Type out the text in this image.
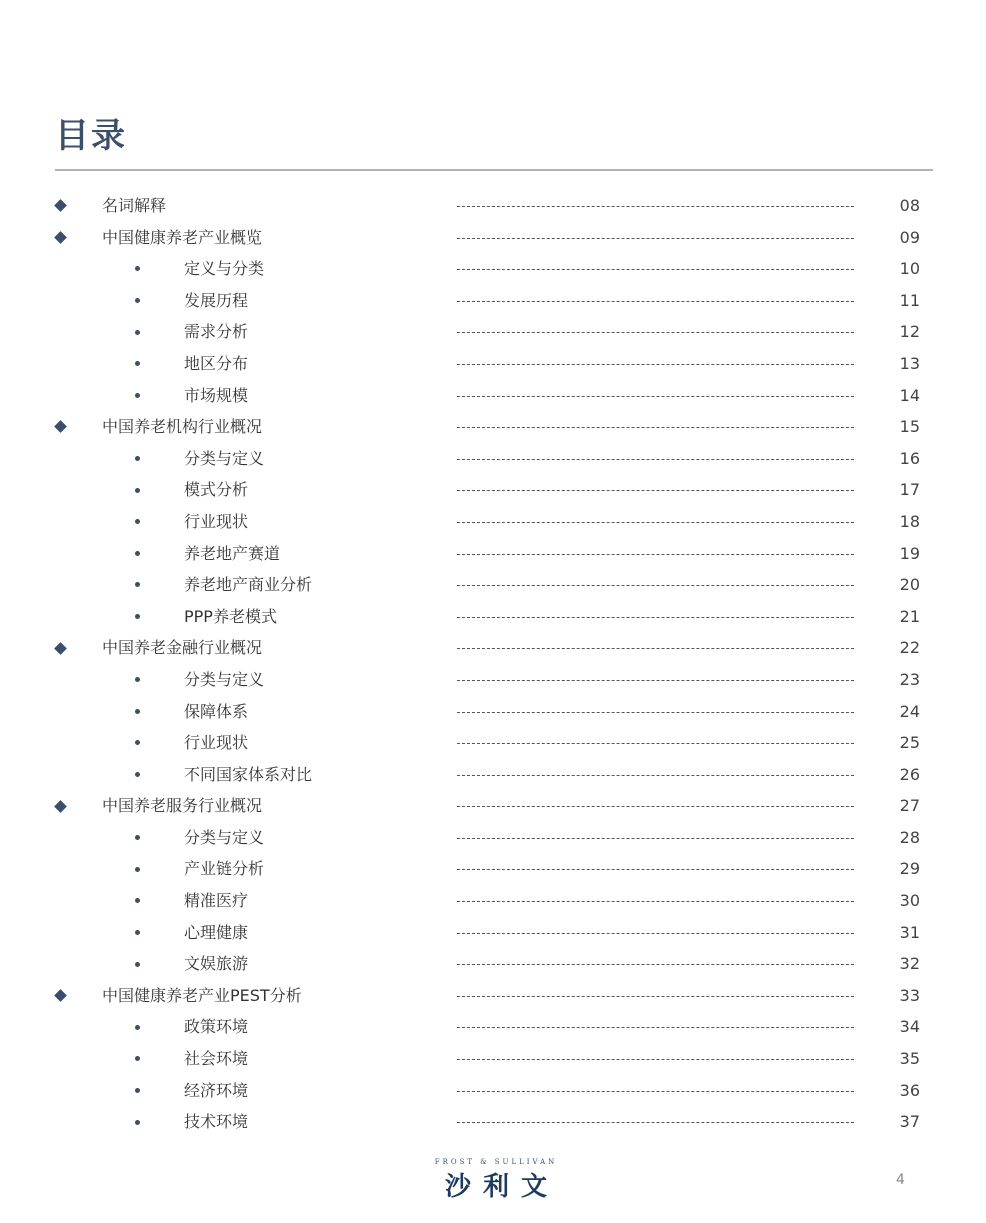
目录
名词解释	08
中国健康养老产业概览	09
定义与分类	10
发展历程	11
需求分析	12
地区分布	13
市场规模	14
中国养老机构行业概况	15
分类与定义	16
模式分析	17
行业现状	18
养老地产赛道	19
养老地产商业分析	20
PPP养老模式	21
中国养老金融行业概况	22
分类与定义	23
保障体系	24
行业现状	25
不同国家体系对比	26
中国养老服务行业概况	27
分类与定义	28
产业链分析	29
精准医疗	30
心理健康	31
文娱旅游	32
中国健康养老产业PEST分析	33
政策环境	34
社会环境	35
经济环境	36
技术环境	37
FROST & SULLIVAN
沙利文	4
